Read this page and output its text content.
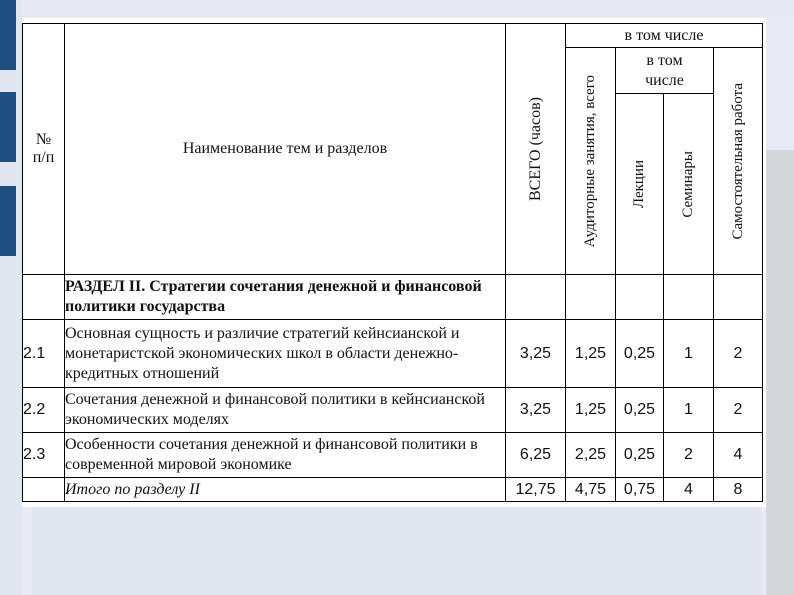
№ п/п	Наименование тем и разделов	ВСЕГО (часов)	в том числе			

			Аудиторные занятия, всего	в том числе		Самостоятельная работа

				Лекции	Семинары	

	РАЗДЕЛ II. Стратегии сочетания денежной и финансовой политики государства					
2.1	Основная сущность и различие стратегий кейнсианской и монетаристской экономических школ в области денежно-кредитных отношений	3,25	1,25	0,25	1	2
2.2	Сочетания денежной и финансовой политики в кейнсианской экономических моделях	3,25	1,25	0,25	1	2
2.3	Особенности сочетания денежной и финансовой политики в современной мировой экономике	6,25	2,25	0,25	2	4
	Итого по разделу II	12,75	4,75	0,75	4	8
